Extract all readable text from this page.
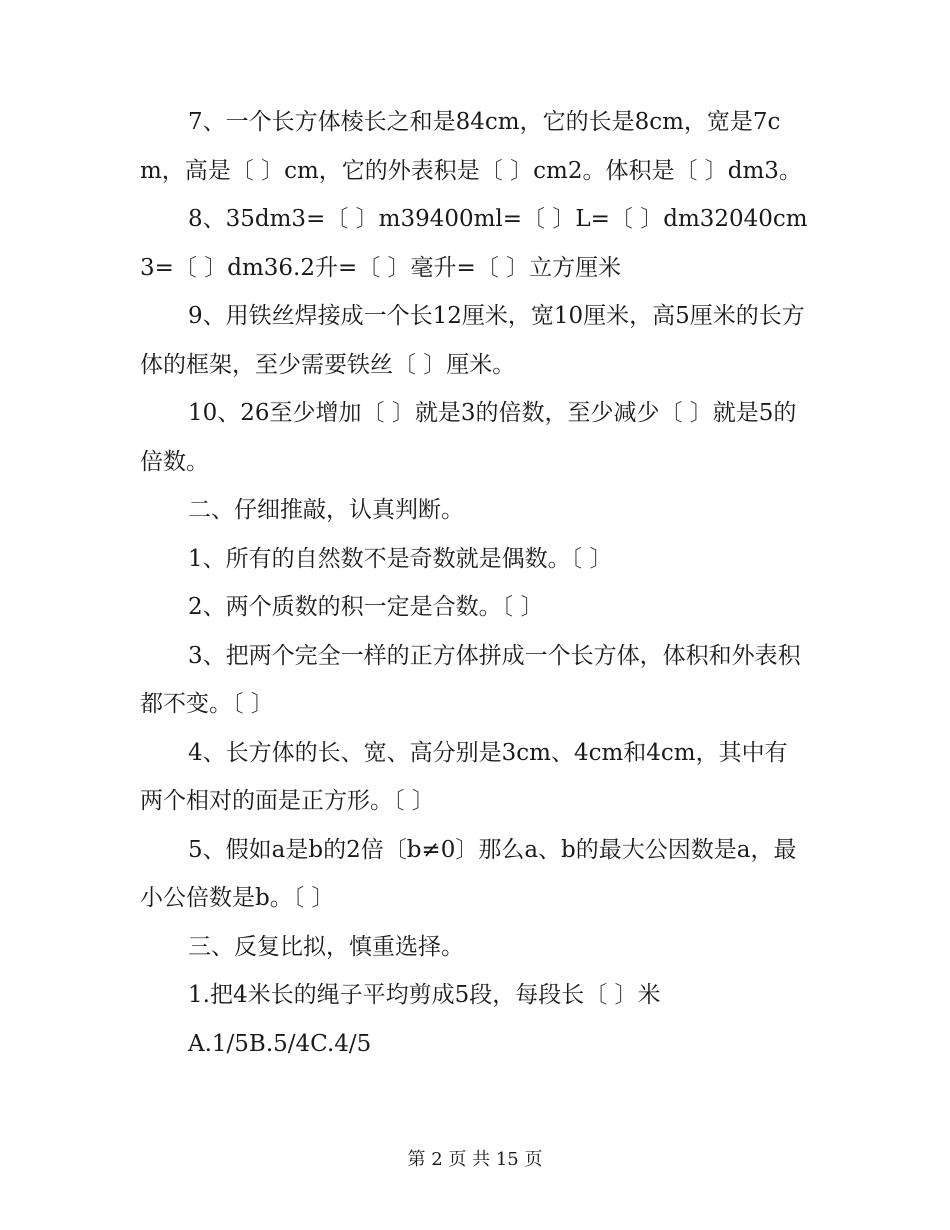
7、一个长方体棱长之和是84cm，它的长是8cm，宽是7cm，高是〔 〕cm，它的外表积是〔 〕cm2。体积是〔 〕dm3。

8、35dm3=〔 〕m39400ml=〔 〕L=〔 〕dm32040cm3=〔 〕dm36.2升=〔 〕毫升=〔 〕立方厘米

9、用铁丝焊接成一个长12厘米，宽10厘米，高5厘米的长方体的框架，至少需要铁丝〔 〕厘米。

10、26至少增加〔 〕就是3的倍数，至少减少〔 〕就是5的倍数。

二、仔细推敲，认真判断。

1、所有的自然数不是奇数就是偶数。〔 〕

2、两个质数的积一定是合数。〔 〕

3、把两个完全一样的正方体拼成一个长方体，体积和外表积都不变。〔 〕

4、长方体的长、宽、高分别是3cm、4cm和4cm，其中有两个相对的面是正方形。〔 〕

5、假如a是b的2倍〔b≠0〕那么a、b的最大公因数是a，最小公倍数是b。〔 〕

三、反复比拟，慎重选择。

1.把4米长的绳子平均剪成5段，每段长〔 〕米

A.1/5B.5/4C.4/5

第 2 页 共 15 页
